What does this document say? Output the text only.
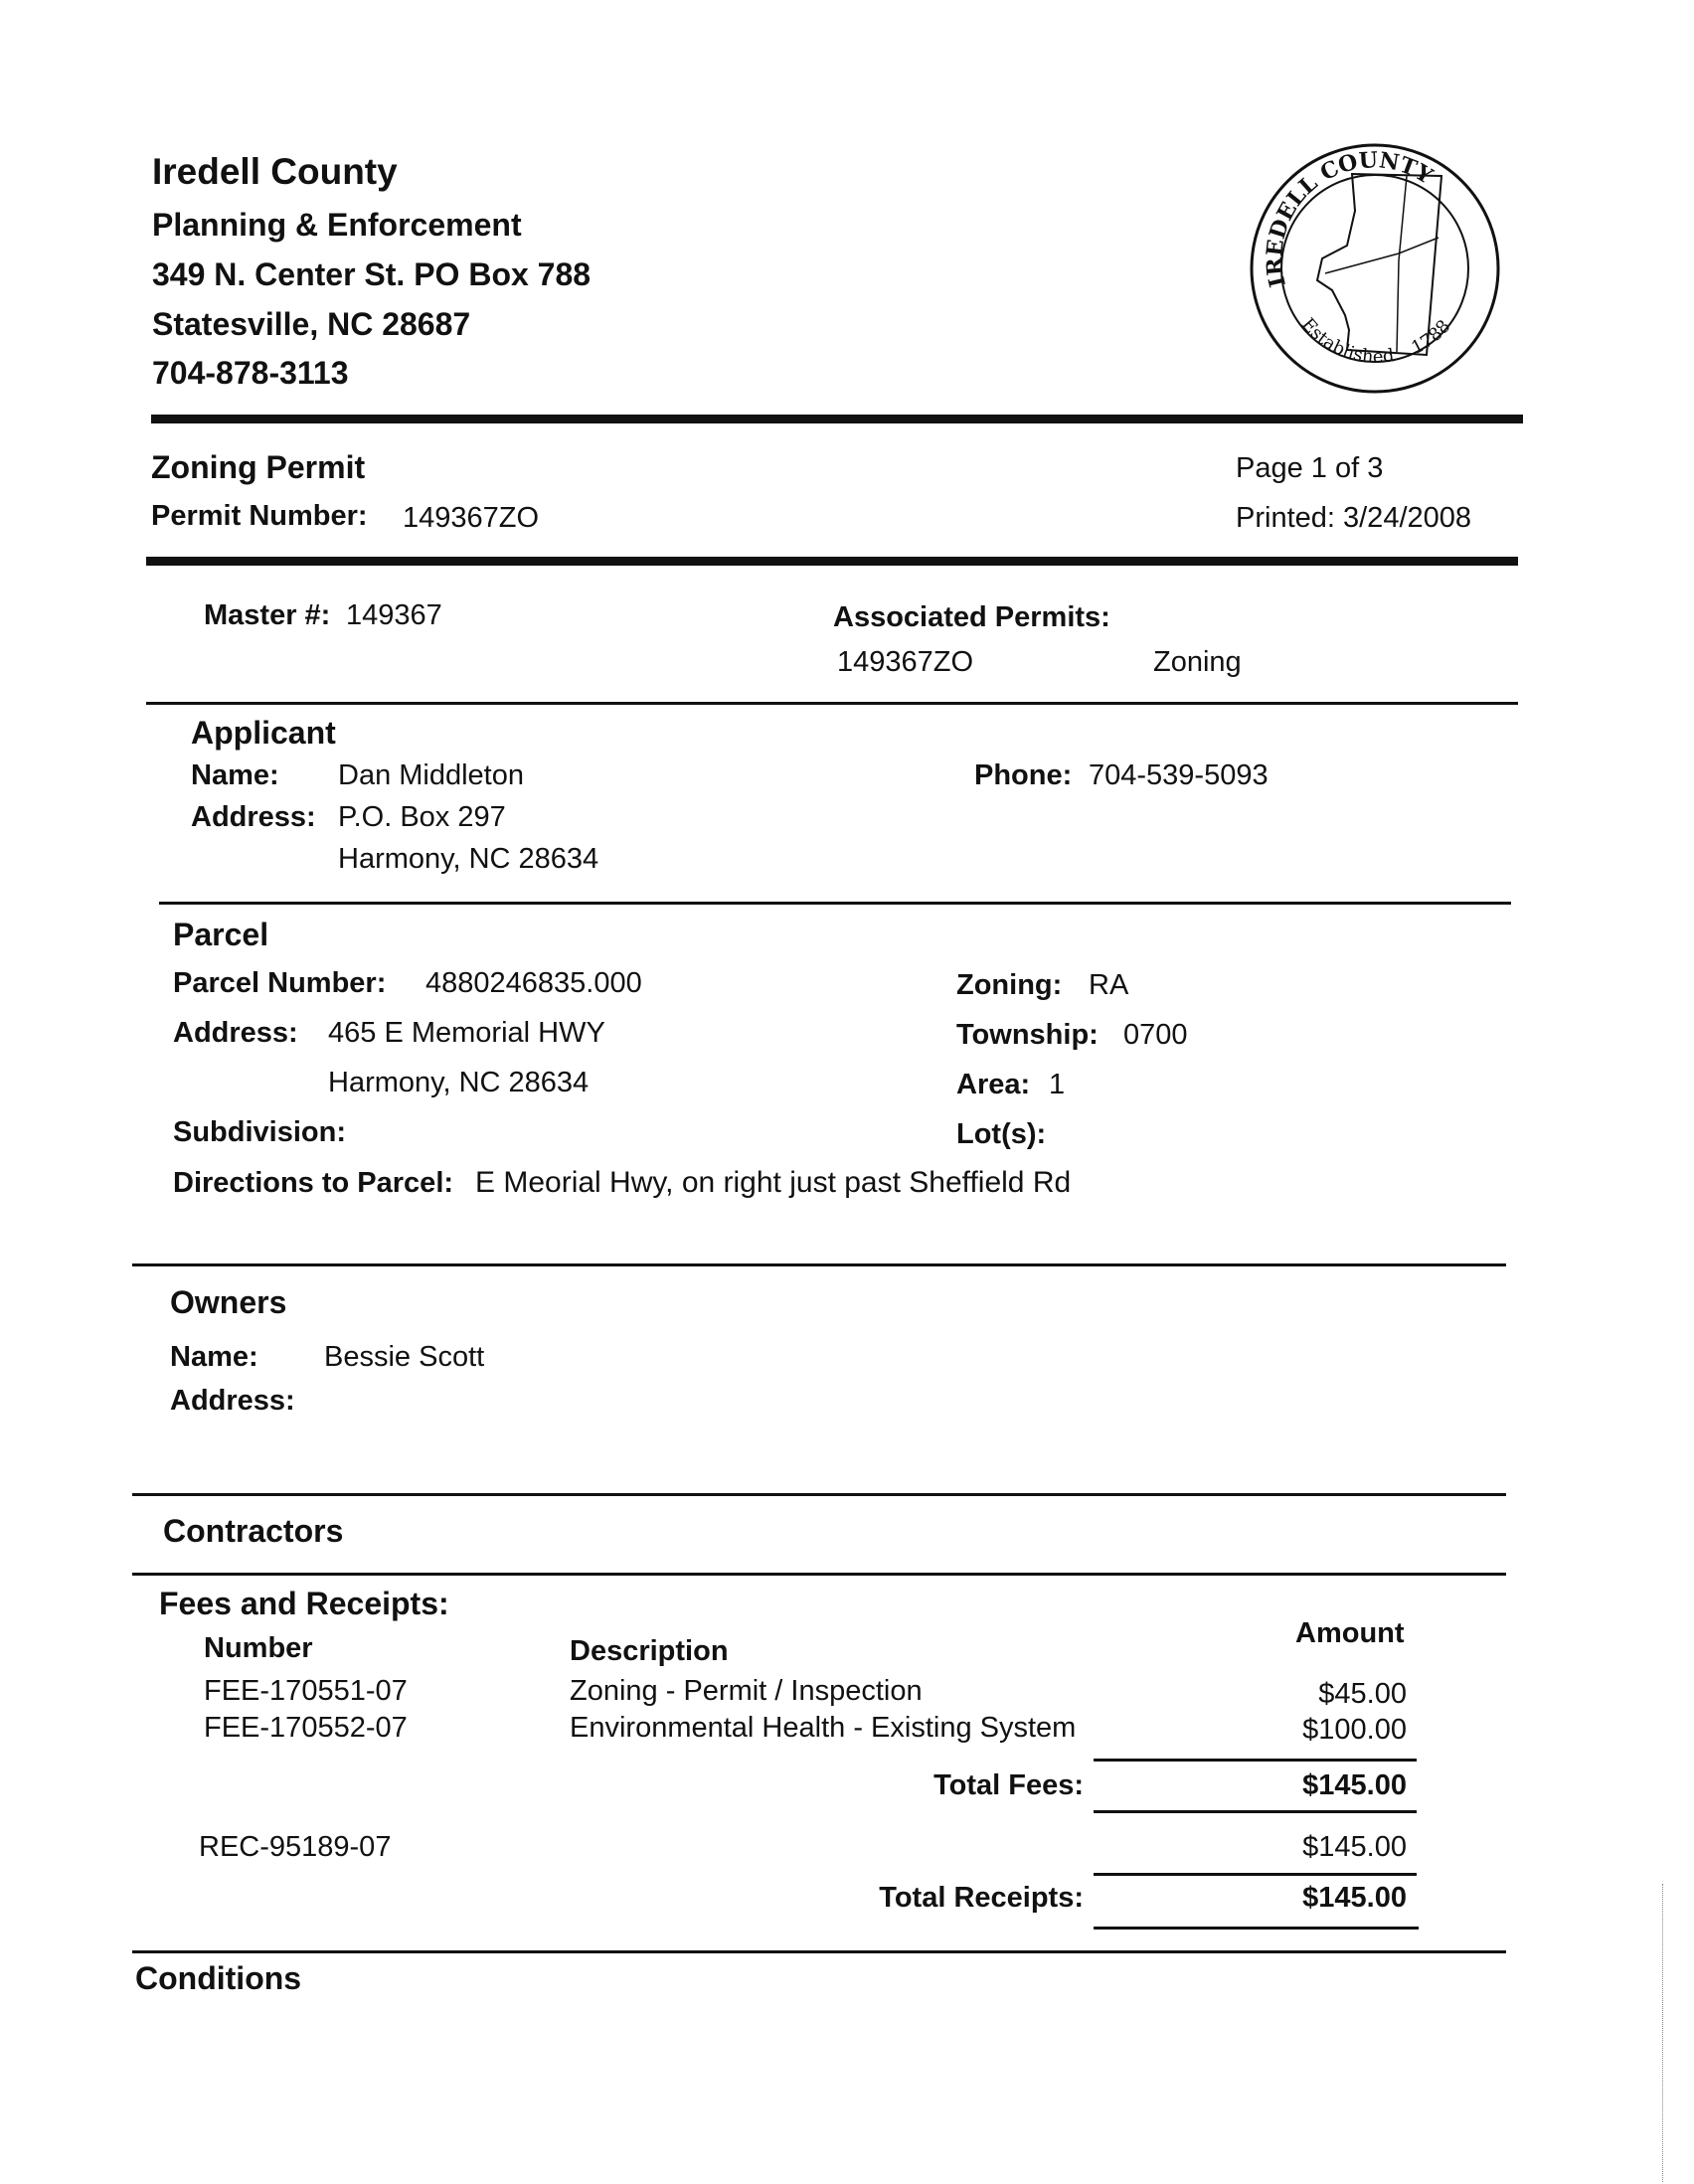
Iredell County
Planning & Enforcement
349 N. Center St. PO Box 788
Statesville, NC 28687
704-878-3113
IREDELL COUNTY
Established 1788
Zoning Permit
Permit Number: 149367ZO
Page 1 of 3
Printed: 3/24/2008
Master #: 149367	Associated Permits:
149367ZO	Zoning
Applicant
Name: Dan Middleton
Address: P.O. Box 297
Harmony, NC 28634
Phone: 704-539-5093
Parcel
Parcel Number: 4880246835.000
Address: 465 E Memorial HWY
Harmony, NC 28634
Subdivision:
Zoning: RA
Township: 0700
Area: 1
Lot(s):
Directions to Parcel: E Meorial Hwy, on right just past Sheffield Rd
Owners
Name: Bessie Scott
Address:
Contractors
Fees and Receipts:
Number	Description
Amount
FEE-170551-07	Zoning - Permit / Inspection	$45.00
FEE-170552-07	Environmental Health - Existing System	$100.00
Total Fees:	$145.00
REC-95189-07	$145.00
Total Receipts:	$145.00
Conditions
